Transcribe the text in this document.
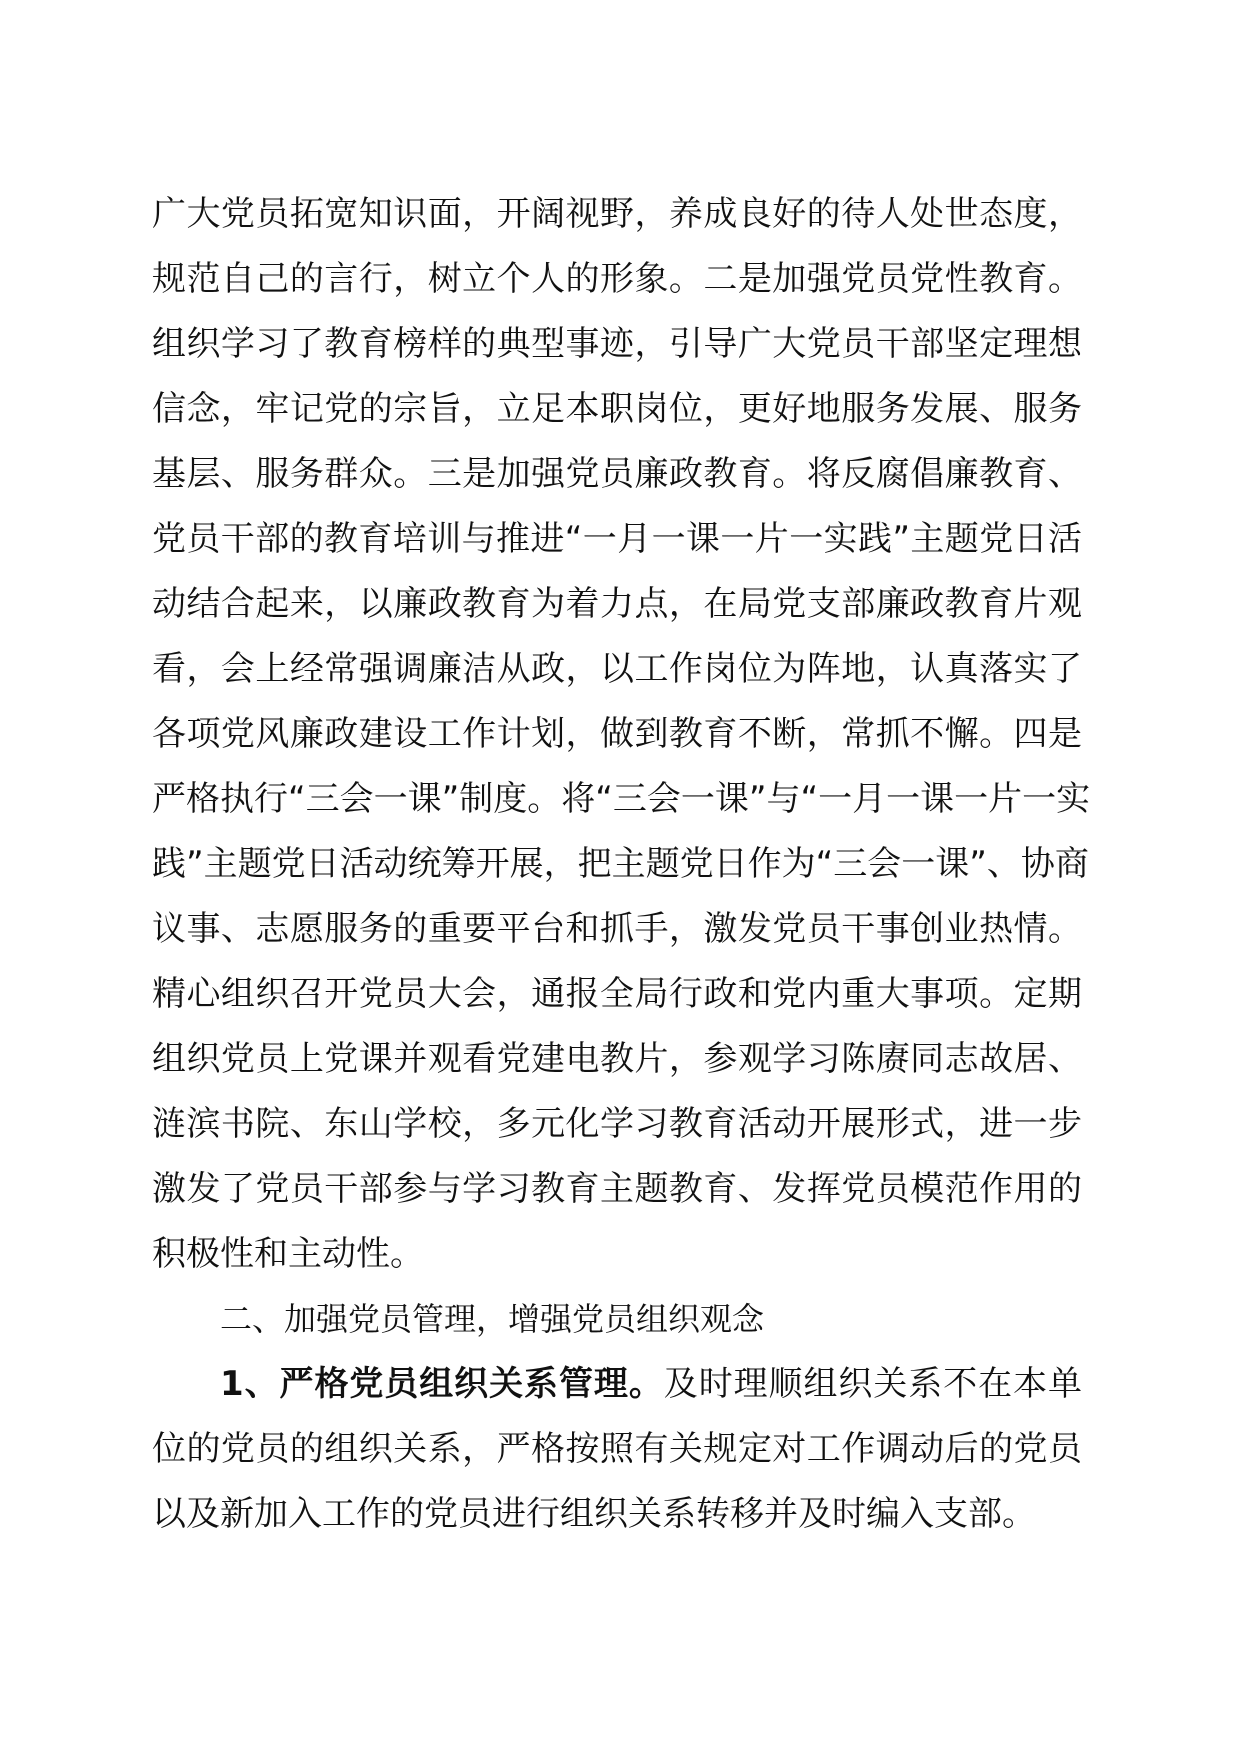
广大党员拓宽知识面，开阔视野，养成良好的待人处世态度，
规范自己的言行，树立个人的形象。二是加强党员党性教育。
组织学习了教育榜样的典型事迹，引导广大党员干部坚定理想
信念，牢记党的宗旨，立足本职岗位，更好地服务发展、服务
基层、服务群众。三是加强党员廉政教育。将反腐倡廉教育、
党员干部的教育培训与推进“一月一课一片一实践”主题党日活
动结合起来，以廉政教育为着力点，在局党支部廉政教育片观
看，会上经常强调廉洁从政，以工作岗位为阵地，认真落实了
各项党风廉政建设工作计划，做到教育不断，常抓不懈。四是
严格执行“三会一课”制度。将“三会一课”与“一月一课一片一实
践”主题党日活动统筹开展，把主题党日作为“三会一课”、协商
议事、志愿服务的重要平台和抓手，激发党员干事创业热情。
精心组织召开党员大会，通报全局行政和党内重大事项。定期
组织党员上党课并观看党建电教片，参观学习陈赓同志故居、
涟滨书院、东山学校，多元化学习教育活动开展形式，进一步
激发了党员干部参与学习教育主题教育、发挥党员模范作用的
积极性和主动性。
二、加强党员管理，增强党员组织观念
1、严格党员组织关系管理。及时理顺组织关系不在本单
位的党员的组织关系，严格按照有关规定对工作调动后的党员
以及新加入工作的党员进行组织关系转移并及时编入支部。
